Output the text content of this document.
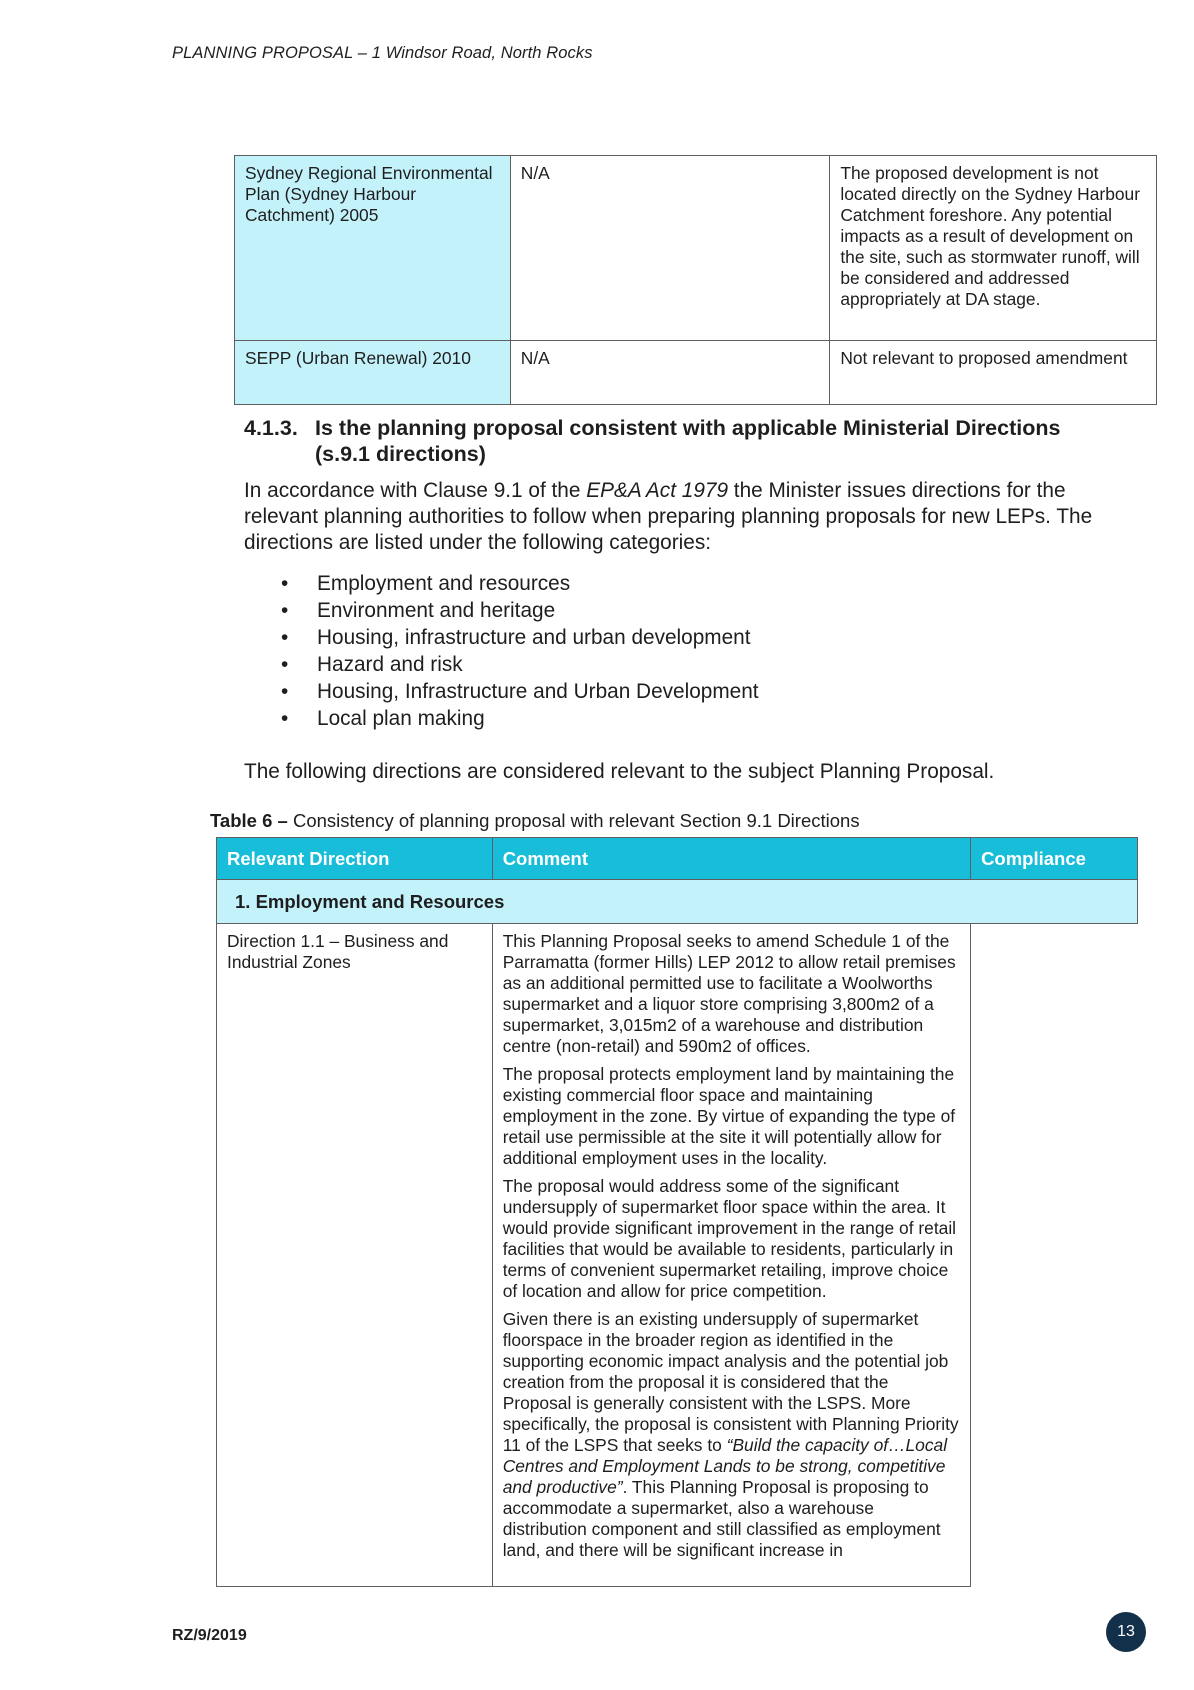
PLANNING PROPOSAL – 1 Windsor Road, North Rocks
Sydney Regional Environmental Plan (Sydney Harbour Catchment) 2005	N/A	The proposed development is not located directly on the Sydney Harbour Catchment foreshore. Any potential impacts as a result of development on the site, such as stormwater runoff, will be considered and addressed appropriately at DA stage.
SEPP (Urban Renewal) 2010	N/A	Not relevant to proposed amendment
4.1.3. Is the planning proposal consistent with applicable Ministerial Directions
(s.9.1 directions)
In accordance with Clause 9.1 of the EP&A Act 1979 the Minister issues directions for the relevant planning authorities to follow when preparing planning proposals for new LEPs. The directions are listed under the following categories:
• Employment and resources
• Environment and heritage
• Housing, infrastructure and urban development
• Hazard and risk
• Housing, Infrastructure and Urban Development
• Local plan making
The following directions are considered relevant to the subject Planning Proposal.
Table 6 – Consistency of planning proposal with relevant Section 9.1 Directions
Relevant Direction	Comment	Compliance
1. Employment and Resources		
Direction 1.1 – Business and Industrial Zones	This Planning Proposal seeks to amend Schedule 1 of the Parramatta (former Hills) LEP 2012 to allow retail premises as an additional permitted use to facilitate a Woolworths supermarket and a liquor store comprising 3,800m2 of a supermarket, 3,015m2 of a warehouse and distribution centre (non-retail) and 590m2 of offices.

The proposal protects employment land by maintaining the existing commercial floor space and maintaining employment in the zone. By virtue of expanding the type of retail use permissible at the site it will potentially allow for additional employment uses in the locality.

The proposal would address some of the significant undersupply of supermarket floor space within the area. It would provide significant improvement in the range of retail facilities that would be available to residents, particularly in terms of convenient supermarket retailing, improve choice of location and allow for price competition.

Given there is an existing undersupply of supermarket floorspace in the broader region as identified in the supporting economic impact analysis and the potential job creation from the proposal it is considered that the Proposal is generally consistent with the LSPS. More specifically, the proposal is consistent with Planning Priority 11 of the LSPS that seeks to “Build the capacity of…Local Centres and Employment Lands to be strong, competitive and productive”. This Planning Proposal is proposing to accommodate a supermarket, also a warehouse distribution component and still classified as employment land, and there will be significant increase in	

RZ/9/2019	13
